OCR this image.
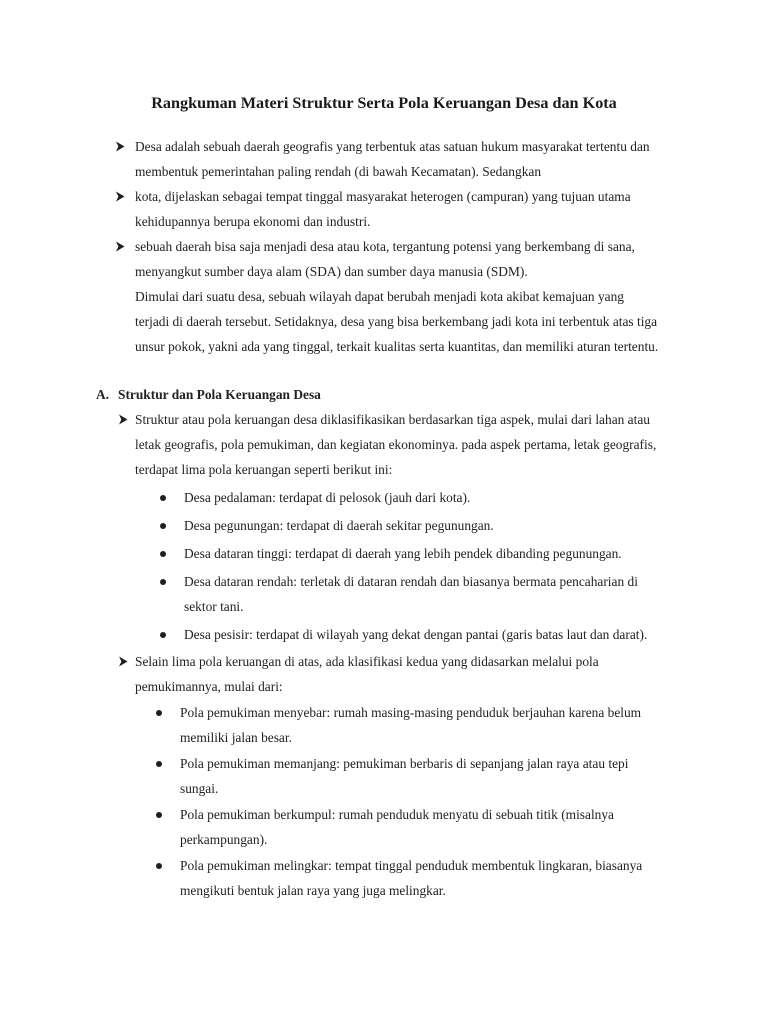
Rangkuman Materi Struktur Serta Pola Keruangan Desa dan Kota
Desa adalah sebuah daerah geografis yang terbentuk atas satuan hukum masyarakat tertentu dan
membentuk pemerintahan paling rendah (di bawah Kecamatan). Sedangkan
kota, dijelaskan sebagai tempat tinggal masyarakat heterogen (campuran) yang tujuan utama
kehidupannya berupa ekonomi dan industri.
sebuah daerah bisa saja menjadi desa atau kota, tergantung potensi yang berkembang di sana,
menyangkut sumber daya alam (SDA) dan sumber daya manusia (SDM).
Dimulai dari suatu desa, sebuah wilayah dapat berubah menjadi kota akibat kemajuan yang
terjadi di daerah tersebut. Setidaknya, desa yang bisa berkembang jadi kota ini terbentuk atas tiga
unsur pokok, yakni ada yang tinggal, terkait kualitas serta kuantitas, dan memiliki aturan tertentu.
A. Struktur dan Pola Keruangan Desa
Struktur atau pola keruangan desa diklasifikasikan berdasarkan tiga aspek, mulai dari lahan atau
letak geografis, pola pemukiman, dan kegiatan ekonominya. pada aspek pertama, letak geografis,
terdapat lima pola keruangan seperti berikut ini:
Desa pedalaman: terdapat di pelosok (jauh dari kota).
Desa pegunungan: terdapat di daerah sekitar pegunungan.
Desa dataran tinggi: terdapat di daerah yang lebih pendek dibanding pegunungan.
Desa dataran rendah: terletak di dataran rendah dan biasanya bermata pencaharian di
sektor tani.
Desa pesisir: terdapat di wilayah yang dekat dengan pantai (garis batas laut dan darat).
Selain lima pola keruangan di atas, ada klasifikasi kedua yang didasarkan melalui pola
pemukimannya, mulai dari:
Pola pemukiman menyebar: rumah masing-masing penduduk berjauhan karena belum
memiliki jalan besar.
Pola pemukiman memanjang: pemukiman berbaris di sepanjang jalan raya atau tepi
sungai.
Pola pemukiman berkumpul: rumah penduduk menyatu di sebuah titik (misalnya
perkampungan).
Pola pemukiman melingkar: tempat tinggal penduduk membentuk lingkaran, biasanya
mengikuti bentuk jalan raya yang juga melingkar.
